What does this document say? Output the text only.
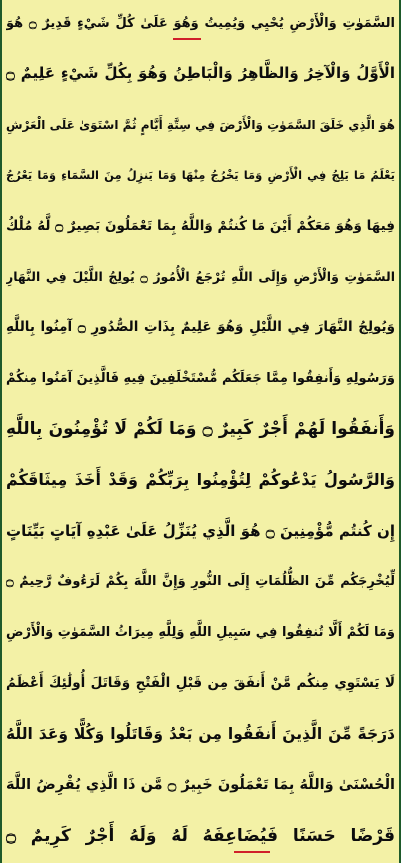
السَّمَوٰتِ وَالْأَرْضِ يُحْيِي وَيُمِيتُ وَهُوَ عَلَىٰ كُلِّ شَيْءٍ قَدِيرٌ ۝ هُوَ
الْأَوَّلُ وَالْآخِرُ وَالظَّاهِرُ وَالْبَاطِنُ وَهُوَ بِكُلِّ شَيْءٍ عَلِيمٌ ۝
هُوَ الَّذِي خَلَقَ السَّمَوٰتِ وَالْأَرْضَ فِي سِتَّةِ أَيَّامٍ ثُمَّ اسْتَوَىٰ عَلَى الْعَرْشِ
يَعْلَمُ مَا يَلِجُ فِي الْأَرْضِ وَمَا يَخْرُجُ مِنْهَا وَمَا يَنزِلُ مِنَ السَّمَاءِ وَمَا يَعْرُجُ
فِيهَا وَهُوَ مَعَكُمْ أَيْنَ مَا كُنتُمْ وَاللَّهُ بِمَا تَعْمَلُونَ بَصِيرٌ ۝ لَّهُ مُلْكُ
السَّمَوٰتِ وَالْأَرْضِ وَإِلَى اللَّهِ تُرْجَعُ الْأُمُورُ ۝ يُولِجُ اللَّيْلَ فِي النَّهَارِ
وَيُولِجُ النَّهَارَ فِي اللَّيْلِ وَهُوَ عَلِيمٌ بِذَاتِ الصُّدُورِ ۝ آمِنُوا بِاللَّهِ
وَرَسُولِهِ وَأَنفِقُوا مِمَّا جَعَلَكُم مُّسْتَخْلَفِينَ فِيهِ فَالَّذِينَ آمَنُوا مِنكُمْ
وَأَنفَقُوا لَهُمْ أَجْرٌ كَبِيرٌ ۝ وَمَا لَكُمْ لَا تُؤْمِنُونَ بِاللَّهِ
وَالرَّسُولُ يَدْعُوكُمْ لِتُؤْمِنُوا بِرَبِّكُمْ وَقَدْ أَخَذَ مِيثَاقَكُمْ
إِن كُنتُم مُّؤْمِنِينَ ۝ هُوَ الَّذِي يُنَزِّلُ عَلَىٰ عَبْدِهِ آيَاتٍ بَيِّنَاتٍ
لِّيُخْرِجَكُم مِّنَ الظُّلُمَاتِ إِلَى النُّورِ وَإِنَّ اللَّهَ بِكُمْ لَرَءُوفٌ رَّحِيمٌ ۝
وَمَا لَكُمْ أَلَّا تُنفِقُوا فِي سَبِيلِ اللَّهِ وَلِلَّهِ مِيرَاثُ السَّمَوٰتِ وَالْأَرْضِ
لَا يَسْتَوِي مِنكُم مَّنْ أَنفَقَ مِن قَبْلِ الْفَتْحِ وَقَاتَلَ أُولَٰئِكَ أَعْظَمُ
دَرَجَةً مِّنَ الَّذِينَ أَنفَقُوا مِن بَعْدُ وَقَاتَلُوا وَكُلًّا وَعَدَ اللَّهُ
الْحُسْنَىٰ وَاللَّهُ بِمَا تَعْمَلُونَ خَبِيرٌ ۝ مَّن ذَا الَّذِي يُقْرِضُ اللَّهَ
قَرْضًا حَسَنًا فَيُضَاعِفَهُ لَهُ وَلَهُ أَجْرٌ كَرِيمٌ ۝
